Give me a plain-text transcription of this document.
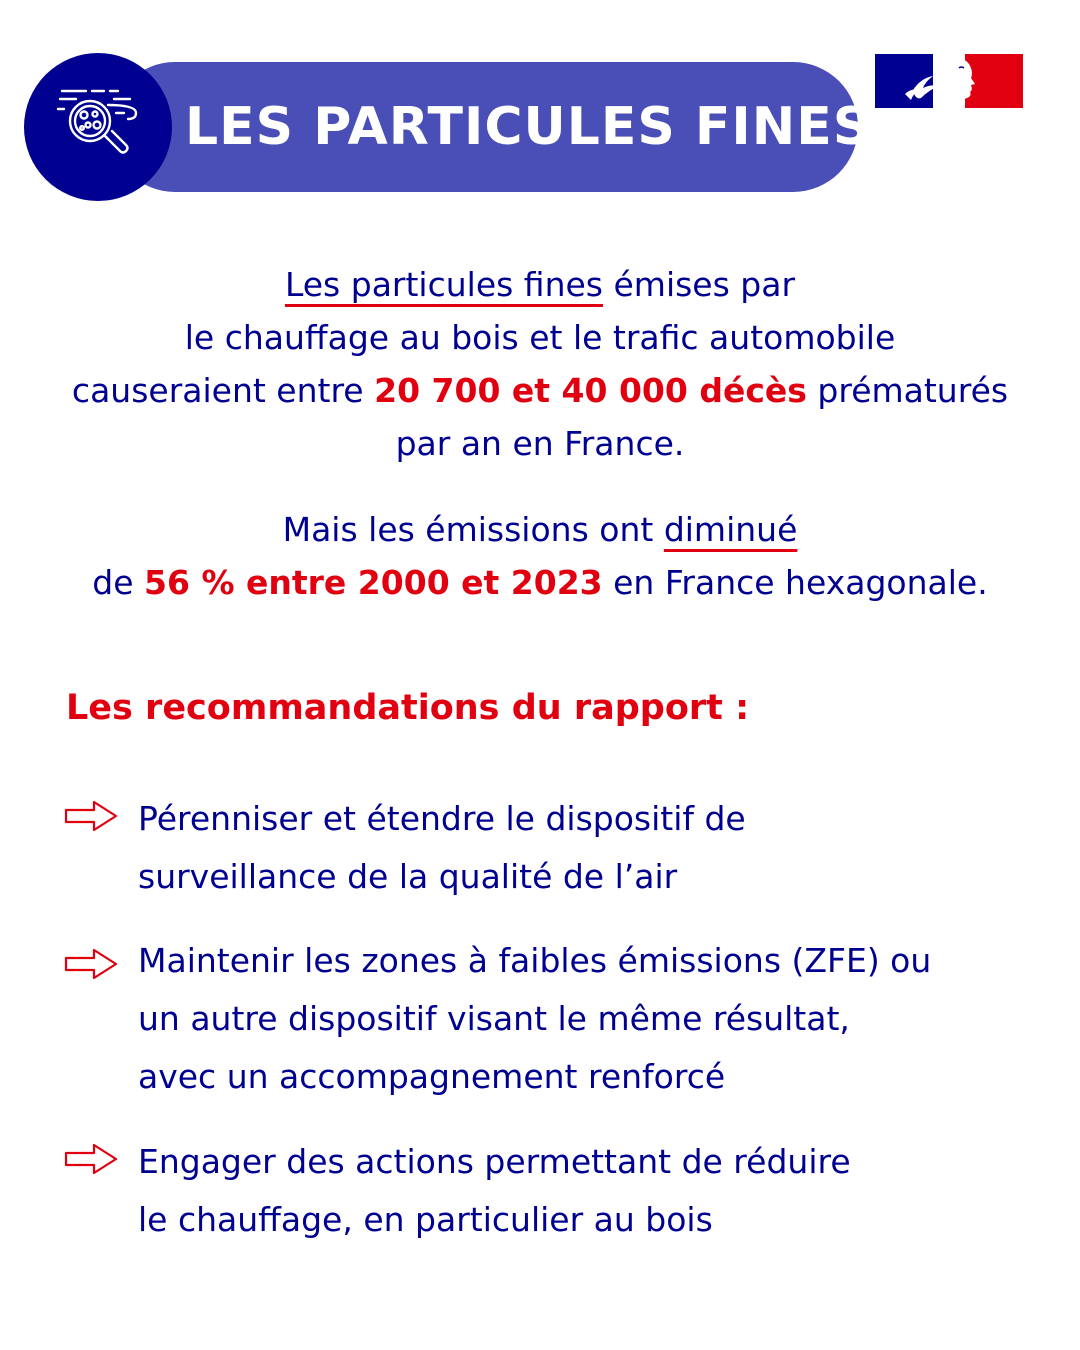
LES PARTICULES FINES
Les particules fines émises par
le chauffage au bois et le trafic automobile
causeraient entre 20 700 et 40 000 décès prématurés
par an en France.
Mais les émissions ont diminué
de 56 % entre 2000 et 2023 en France hexagonale.
Les recommandations du rapport :
Pérenniser et étendre le dispositif de
surveillance de la qualité de l’air
Maintenir les zones à faibles émissions (ZFE) ou
un autre dispositif visant le même résultat,
avec un accompagnement renforcé
Engager des actions permettant de réduire
le chauffage, en particulier au bois
